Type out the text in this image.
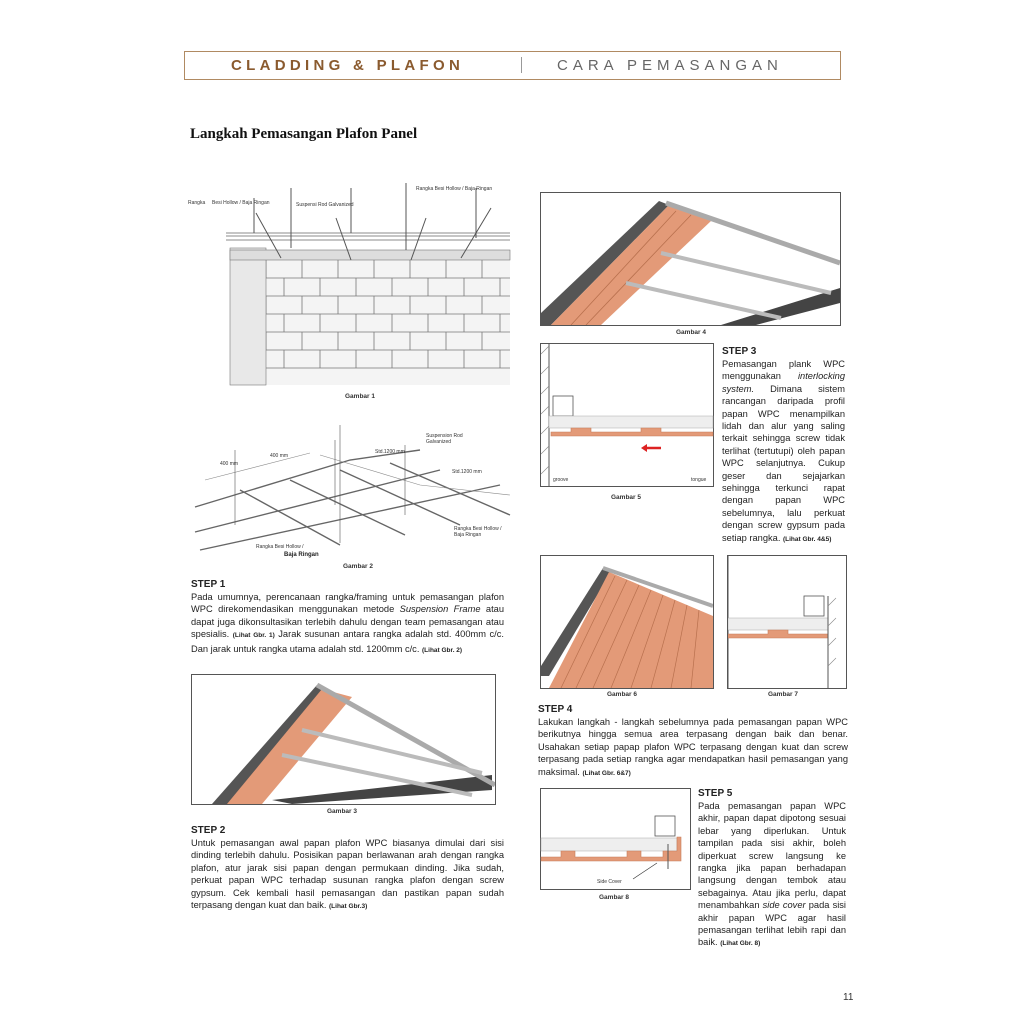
CLADDING & PLAFON	CARA PEMASANGAN
Langkah Pemasangan Plafon Panel
Rangka Besi Hollow / Baja Ringan	Suspensi Rod Galvanized
Rangka Besi Hollow / Baja Ringan
Gambar 1
400 mm
400 mm
Std.1200 mm
Std.1200 mm
Suspension Rod
Galvanized
Rangka Besi Hollow /
Baja Ringan
Rangka Besi Hollow /
Baja Ringan
Gambar 2
STEP 1
Pada umumnya, perencanaan rangka/framing untuk pemasangan plafon WPC direkomendasikan menggunakan metode Suspension Frame atau dapat juga dikonsultasikan terlebih dahulu dengan team pemasangan atau spesialis. (Lihat Gbr. 1) Jarak susunan antara rangka adalah std. 400mm c/c. Dan jarak untuk rangka utama adalah std. 1200mm c/c. (Lihat Gbr. 2)
Gambar 3
STEP 2
Untuk pemasangan awal papan plafon WPC biasanya dimulai dari sisi dinding terlebih dahulu. Posisikan papan berlawanan arah dengan rangka plafon, atur jarak sisi papan dengan permukaan dinding. Jika sudah, perkuat papan WPC terhadap susunan rangka plafon dengan screw gypsum. Cek kembali hasil pemasangan dan pastikan papan sudah terpasang dengan kuat dan baik. (Lihat Gbr.3)
Gambar 4
groove	tongue
Gambar 5
STEP 3
Pemasangan plank WPC menggunakan interlocking system. Dimana sistem rancangan daripada profil papan WPC menampilkan lidah dan alur yang saling terkait sehingga screw tidak terlihat (tertutupi) oleh papan WPC selanjutnya. Cukup geser dan sejajarkan sehingga terkunci rapat dengan papan WPC sebelumnya, lalu perkuat dengan screw gypsum pada setiap rangka. (Lihat Gbr. 4&5)
Gambar 6	Gambar 7
STEP 4
Lakukan langkah - langkah sebelumnya pada pemasangan papan WPC berikutnya hingga semua area terpasang dengan baik dan benar. Usahakan setiap papap plafon WPC terpasang dengan kuat dan screw terpasang pada setiap rangka agar mendapatkan hasil pemasangan yang maksimal. (Lihat Gbr. 6&7)
Side Cover
Gambar 8
STEP 5
Pada pemasangan papan WPC akhir, papan dapat dipotong sesuai lebar yang diperlukan. Untuk tampilan pada sisi akhir, boleh diperkuat screw langsung ke rangka jika papan berhadapan langsung dengan tembok atau sebagainya. Atau jika perlu, dapat menambahkan side cover pada sisi akhir papan WPC agar hasil pemasangan terlihat lebih rapi dan baik. (Lihat Gbr. 8)
11
